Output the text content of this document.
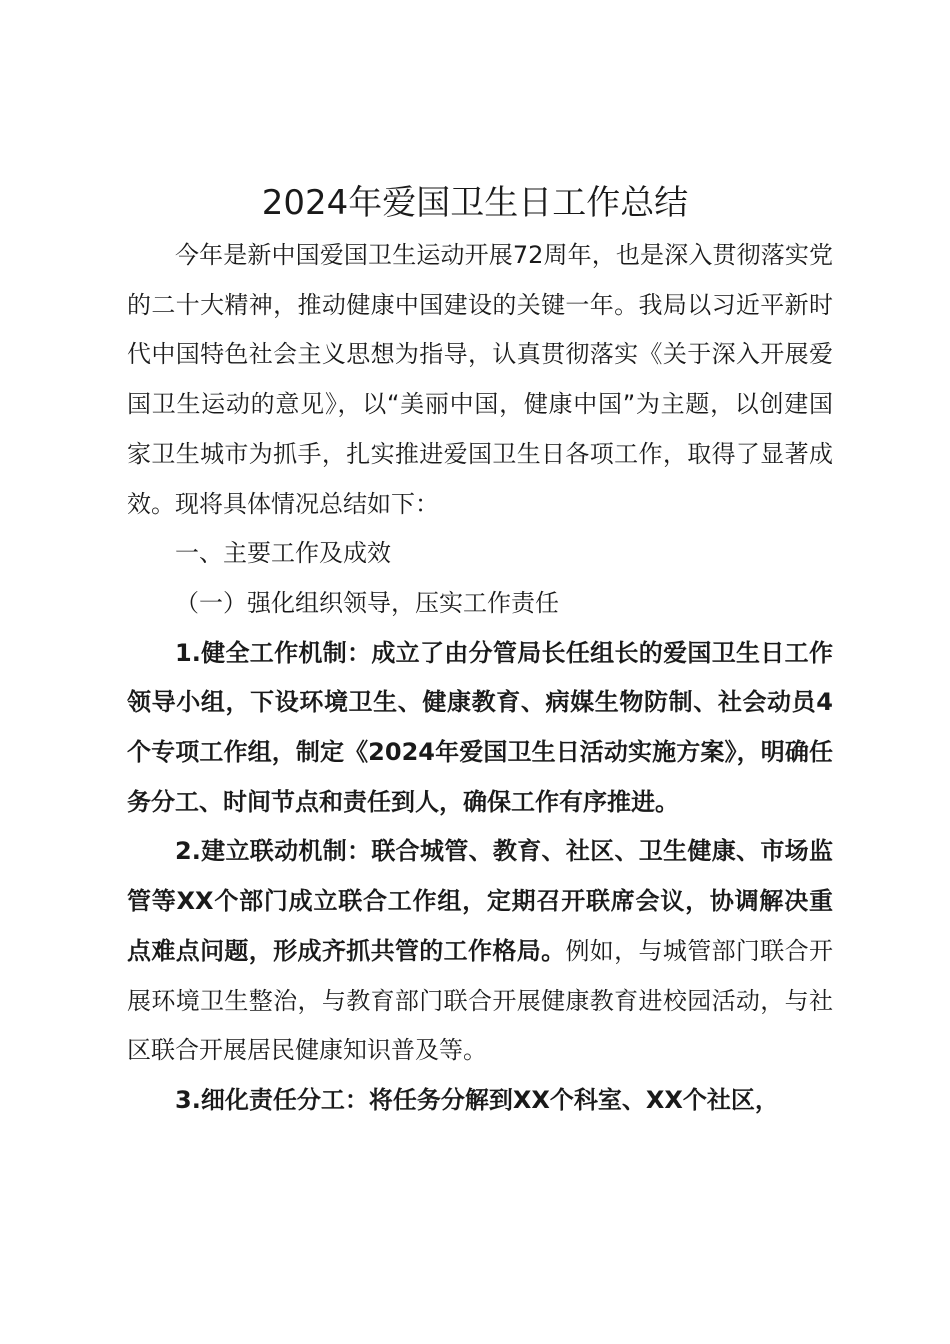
2024年爱国卫生日工作总结

今年是新中国爱国卫生运动开展72周年，也是深入贯彻落实党的二十大精神，推动健康中国建设的关键一年。我局以习近平新时代中国特色社会主义思想为指导，认真贯彻落实《关于深入开展爱国卫生运动的意见》，以“美丽中国，健康中国”为主题，以创建国家卫生城市为抓手，扎实推进爱国卫生日各项工作，取得了显著成效。现将具体情况总结如下：

一、主要工作及成效

（一）强化组织领导，压实工作责任

1.健全工作机制：成立了由分管局长任组长的爱国卫生日工作领导小组，下设环境卫生、健康教育、病媒生物防制、社会动员4个专项工作组，制定《2024年爱国卫生日活动实施方案》，明确任务分工、时间节点和责任到人，确保工作有序推进。

2.建立联动机制：联合城管、教育、社区、卫生健康、市场监管等XX个部门成立联合工作组，定期召开联席会议，协调解决重点难点问题，形成齐抓共管的工作格局。例如，与城管部门联合开展环境卫生整治，与教育部门联合开展健康教育进校园活动，与社区联合开展居民健康知识普及等。

3.细化责任分工：将任务分解到XX个科室、XX个社区，
